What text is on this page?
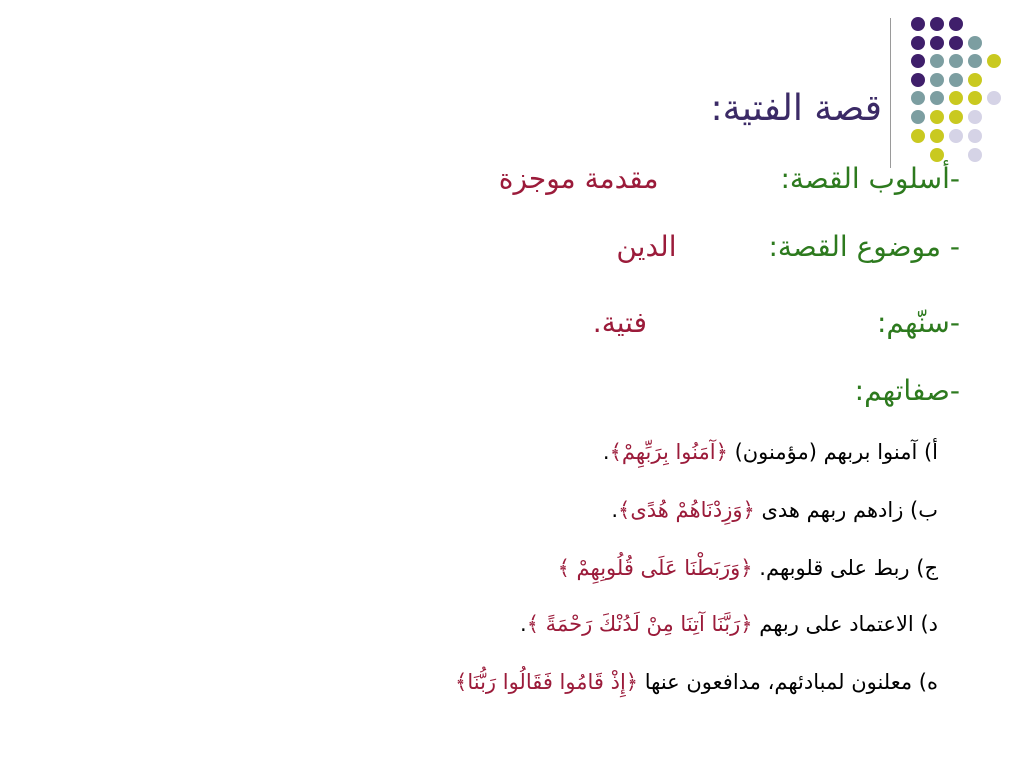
قصة الفتية:
-أسلوب القصة:مقدمة موجزة
- موضوع القصة:الدين
-سنّهم:فتية.
-صفاتهم:
أ) آمنوا بربهم (مؤمنون) ﴿آمَنُوا بِرَبِّهِمْ﴾.
ب) زادهم ربهم هدى ﴿وَزِدْنَاهُمْ هُدًى﴾.
ج) ربط على قلوبهم. ﴿وَرَبَطْنَا عَلَى قُلُوبِهِمْ ﴾
د) الاعتماد على ربهم ﴿رَبَّنَا آتِنَا مِنْ لَدُنْكَ رَحْمَةً ﴾.
ه) معلنون لمبادئهم، مدافعون عنها ﴿إِذْ قَامُوا فَقَالُوا رَبُّنَا﴾
